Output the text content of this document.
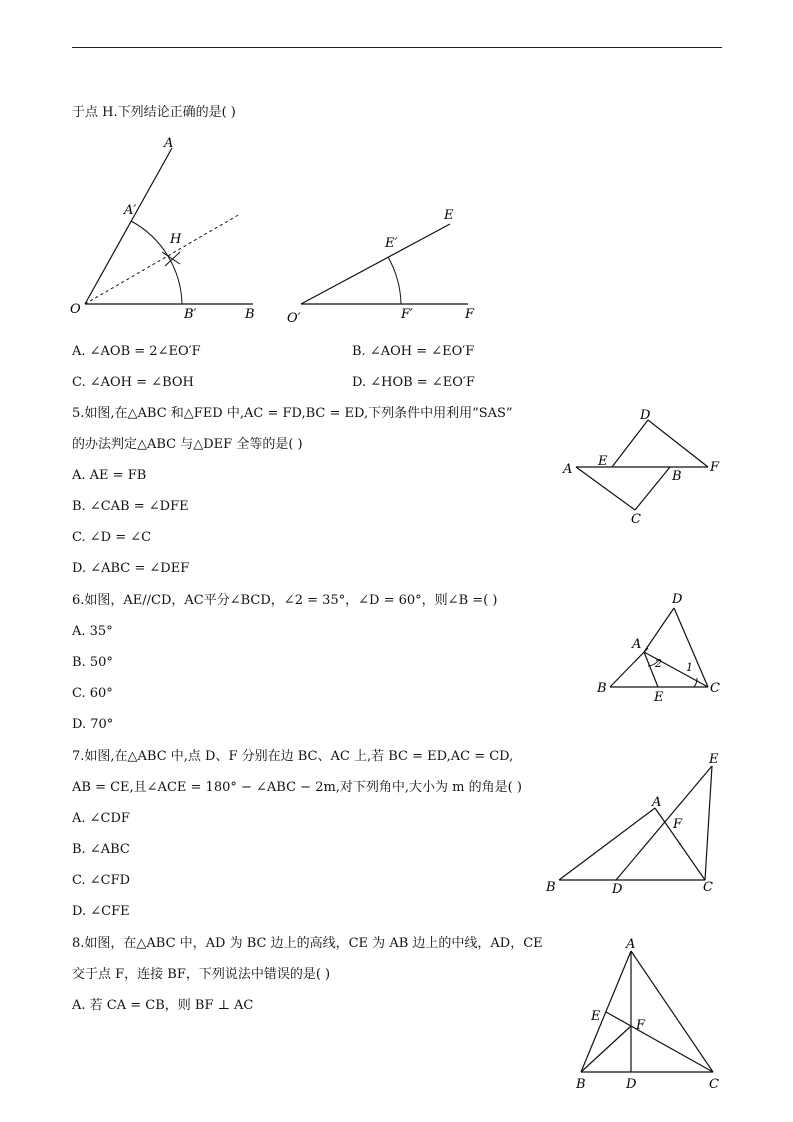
于点 H.下列结论正确的是( )
A
A′
H
O	B′	B
E
E′
O′	F′	F
A. ∠AOB = 2∠EO′F	B. ∠AOH = ∠EO′F
C. ∠AOH = ∠BOH	D. ∠HOB = ∠EO′F
5.如图,在△ABC 和△FED 中,AC = FD,BC = ED,下列条件中用利用“SAS”
的办法判定△ABC 与△DEF 全等的是( )
A. AE = FB
B. ∠CAB = ∠DFE
C. ∠D = ∠C
D. ∠ABC = ∠DEF
D
A
E
B
F
C
6.如图，AE//CD，AC平分∠BCD，∠2 = 35°，∠D = 60°，则∠B =( )
A. 35°
B. 50°
C. 60°
D. 70°
D
A
2 1
B
E
C
7.如图,在△ABC 中,点 D、F 分别在边 BC、AC 上,若 BC = ED,AC = CD,
AB = CE,且∠ACE = 180° − ∠ABC − 2m,对下列角中,大小为 m 的角是( )
A. ∠CDF
B. ∠ABC
C. ∠CFD
D. ∠CFE
E
A
F
B	D	C
8.如图，在△ABC 中，AD 为 BC 边上的高线，CE 为 AB 边上的中线，AD，CE
交于点 F，连接 BF，下列说法中错误的是( )
A. 若 CA = CB，则 BF ⊥ AC
A
E
F
B	D	C
